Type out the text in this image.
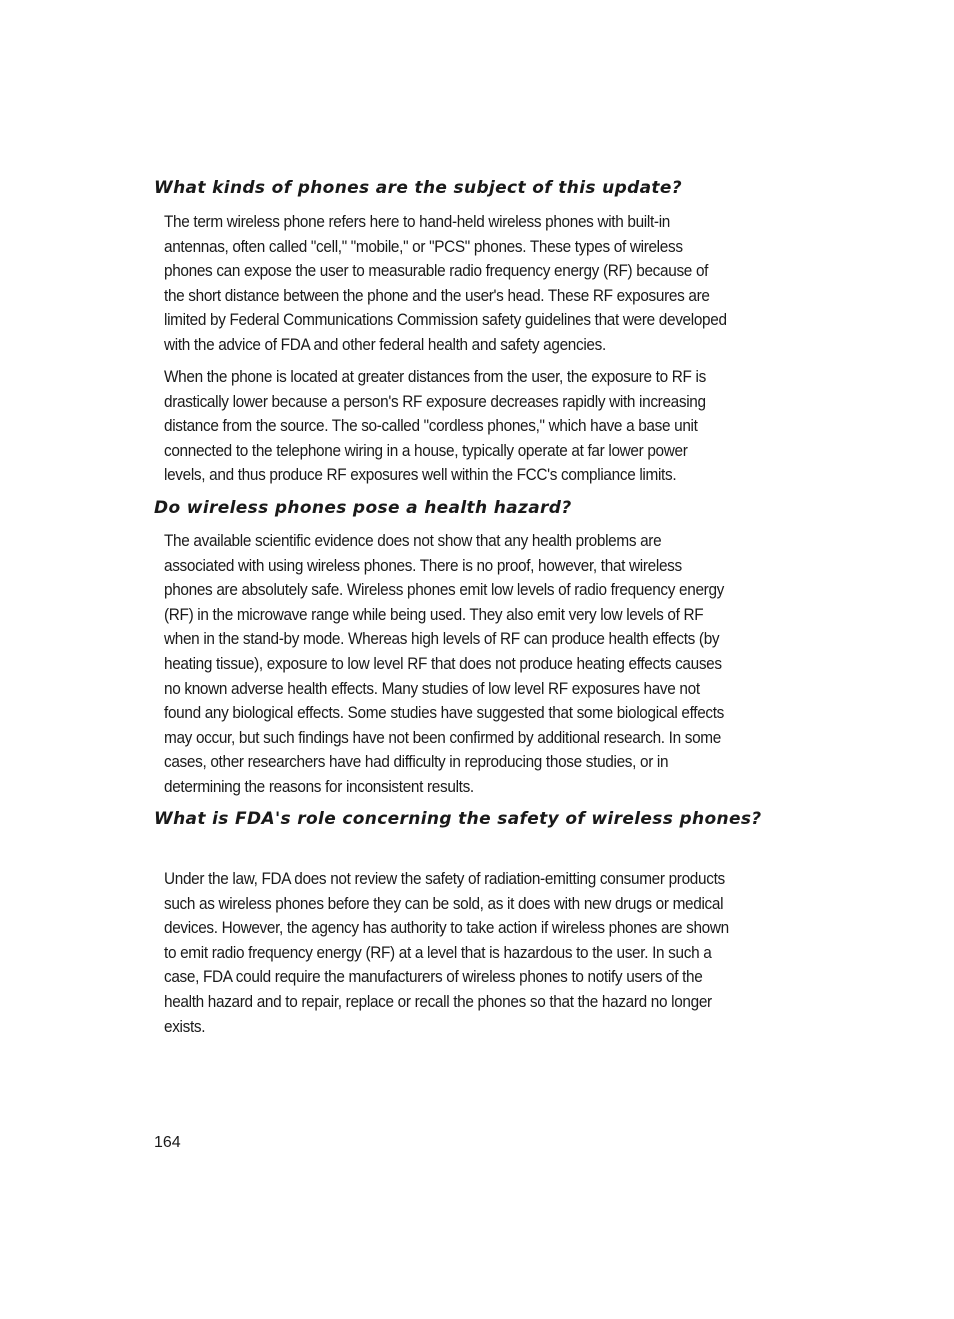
What kinds of phones are the subject of this update?

The term wireless phone refers here to hand-held wireless phones with built-in antennas, often called "cell," "mobile," or "PCS" phones. These types of wireless phones can expose the user to measurable radio frequency energy (RF) because of the short distance between the phone and the user's head. These RF exposures are limited by Federal Communications Commission safety guidelines that were developed with the advice of FDA and other federal health and safety agencies.

When the phone is located at greater distances from the user, the exposure to RF is drastically lower because a person's RF exposure decreases rapidly with increasing distance from the source. The so-called "cordless phones," which have a base unit connected to the telephone wiring in a house, typically operate at far lower power levels, and thus produce RF exposures well within the FCC's compliance limits.

Do wireless phones pose a health hazard?

The available scientific evidence does not show that any health problems are associated with using wireless phones. There is no proof, however, that wireless phones are absolutely safe. Wireless phones emit low levels of radio frequency energy (RF) in the microwave range while being used. They also emit very low levels of RF when in the stand-by mode. Whereas high levels of RF can produce health effects (by heating tissue), exposure to low level RF that does not produce heating effects causes no known adverse health effects. Many studies of low level RF exposures have not found any biological effects. Some studies have suggested that some biological effects may occur, but such findings have not been confirmed by additional research. In some cases, other researchers have had difficulty in reproducing those studies, or in determining the reasons for inconsistent results.

What is FDA's role concerning the safety of wireless phones?

Under the law, FDA does not review the safety of radiation-emitting consumer products such as wireless phones before they can be sold, as it does with new drugs or medical devices. However, the agency has authority to take action if wireless phones are shown to emit radio frequency energy (RF) at a level that is hazardous to the user. In such a case, FDA could require the manufacturers of wireless phones to notify users of the health hazard and to repair, replace or recall the phones so that the hazard no longer exists.

164
